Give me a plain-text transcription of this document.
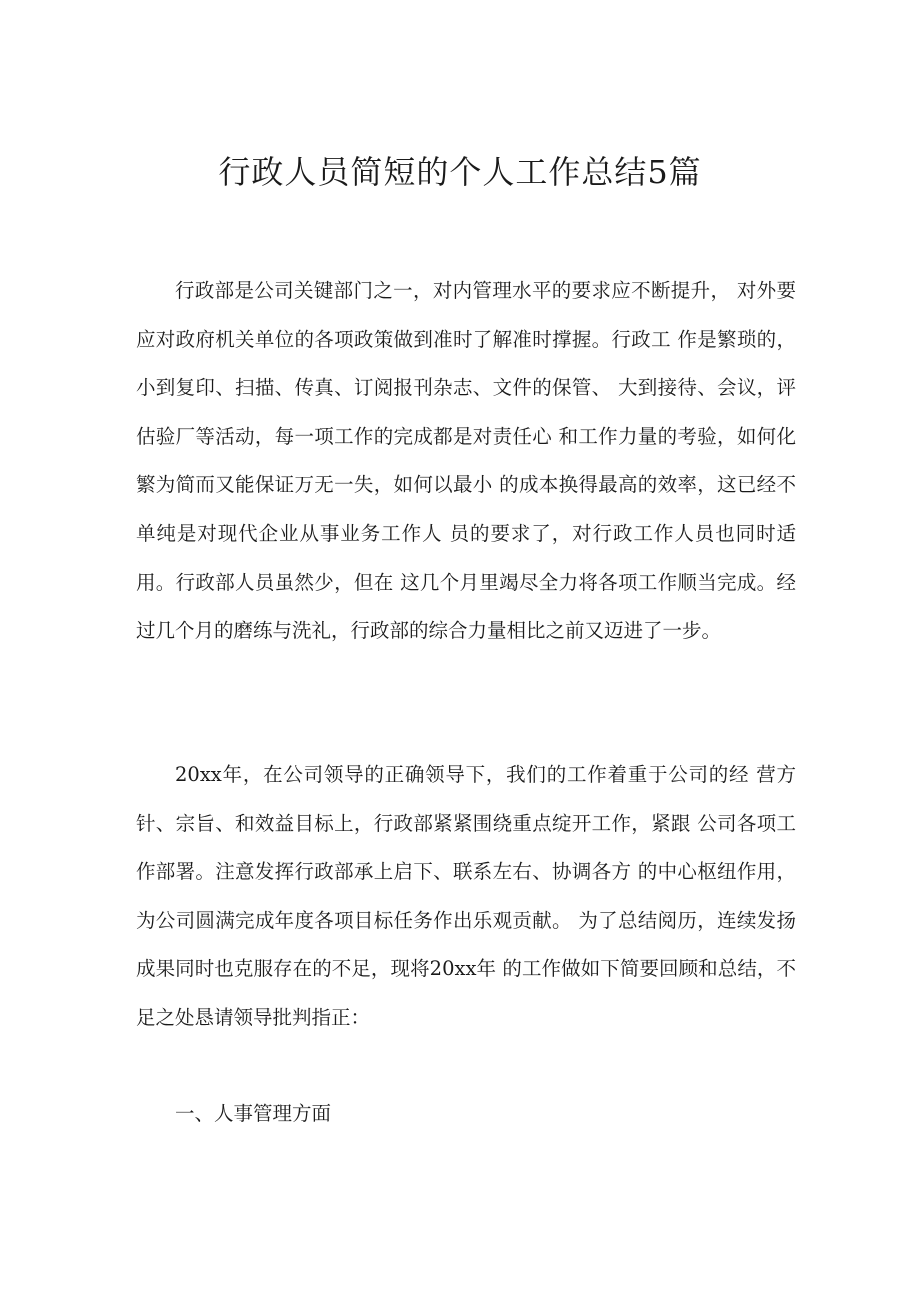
行政人员简短的个人工作总结5篇

行政部是公司关键部门之一，对内管理水平的要求应不断提升， 对外要应对政府机关单位的各项政策做到准时了解准时撑握。行政工 作是繁琐的，小到复印、扫描、传真、订阅报刊杂志、文件的保管、 大到接待、会议，评估验厂等活动，每一项工作的完成都是对责任心 和工作力量的考验，如何化繁为简而又能保证万无一失，如何以最小 的成本换得最高的效率，这已经不单纯是对现代企业从事业务工作人 员的要求了，对行政工作人员也同时适用。行政部人员虽然少，但在 这几个月里竭尽全力将各项工作顺当完成。经过几个月的磨练与洗礼，行政部的综合力量相比之前又迈进了一步。

20xx年，在公司领导的正确领导下，我们的工作着重于公司的经 营方针、宗旨、和效益目标上，行政部紧紧围绕重点绽开工作，紧跟 公司各项工作部署。注意发挥行政部承上启下、联系左右、协调各方 的中心枢纽作用，为公司圆满完成年度各项目标任务作出乐观贡献。 为了总结阅历，连续发扬成果同时也克服存在的不足，现将20xx年 的工作做如下简要回顾和总结，不足之处恳请领导批判指正：

一、人事管理方面
